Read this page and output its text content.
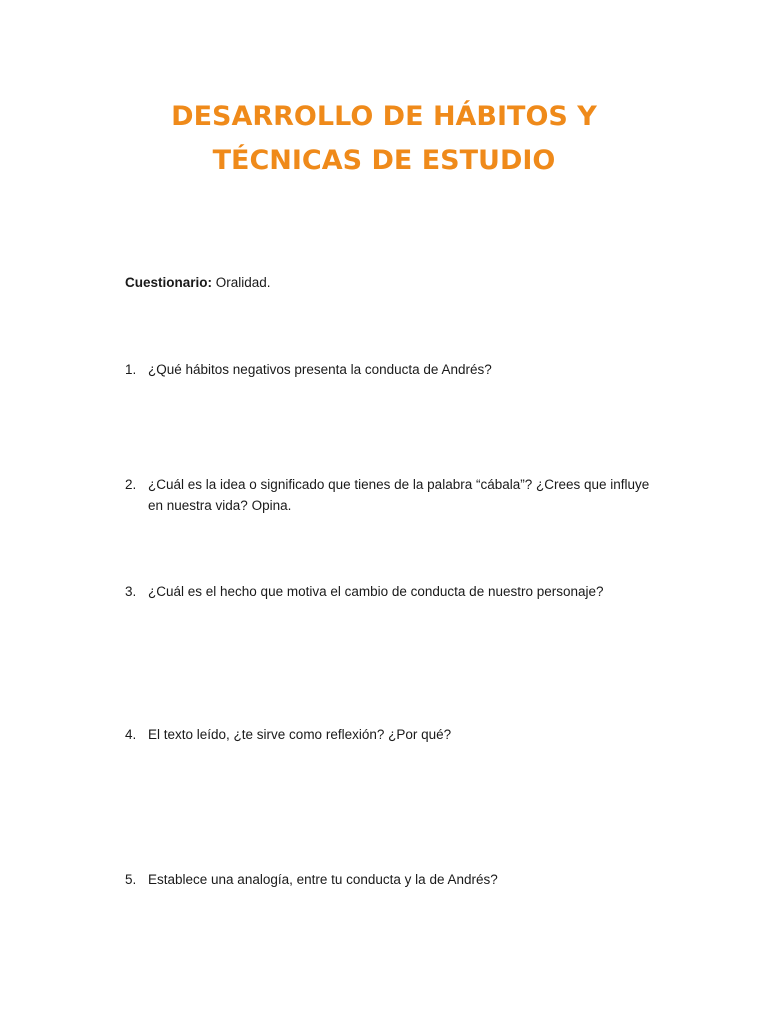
DESARROLLO DE HÁBITOS Y
TÉCNICAS DE ESTUDIO
Cuestionario: Oralidad.
1. ¿Qué hábitos negativos presenta la conducta de Andrés?
2. ¿Cuál es la idea o significado que tienes de la palabra “cábala”? ¿Crees que influye en nuestra vida? Opina.
3. ¿Cuál es el hecho que motiva el cambio de conducta de nuestro personaje?
4. El texto leído, ¿te sirve como reflexión? ¿Por qué?
5. Establece una analogía, entre tu conducta y la de Andrés?
